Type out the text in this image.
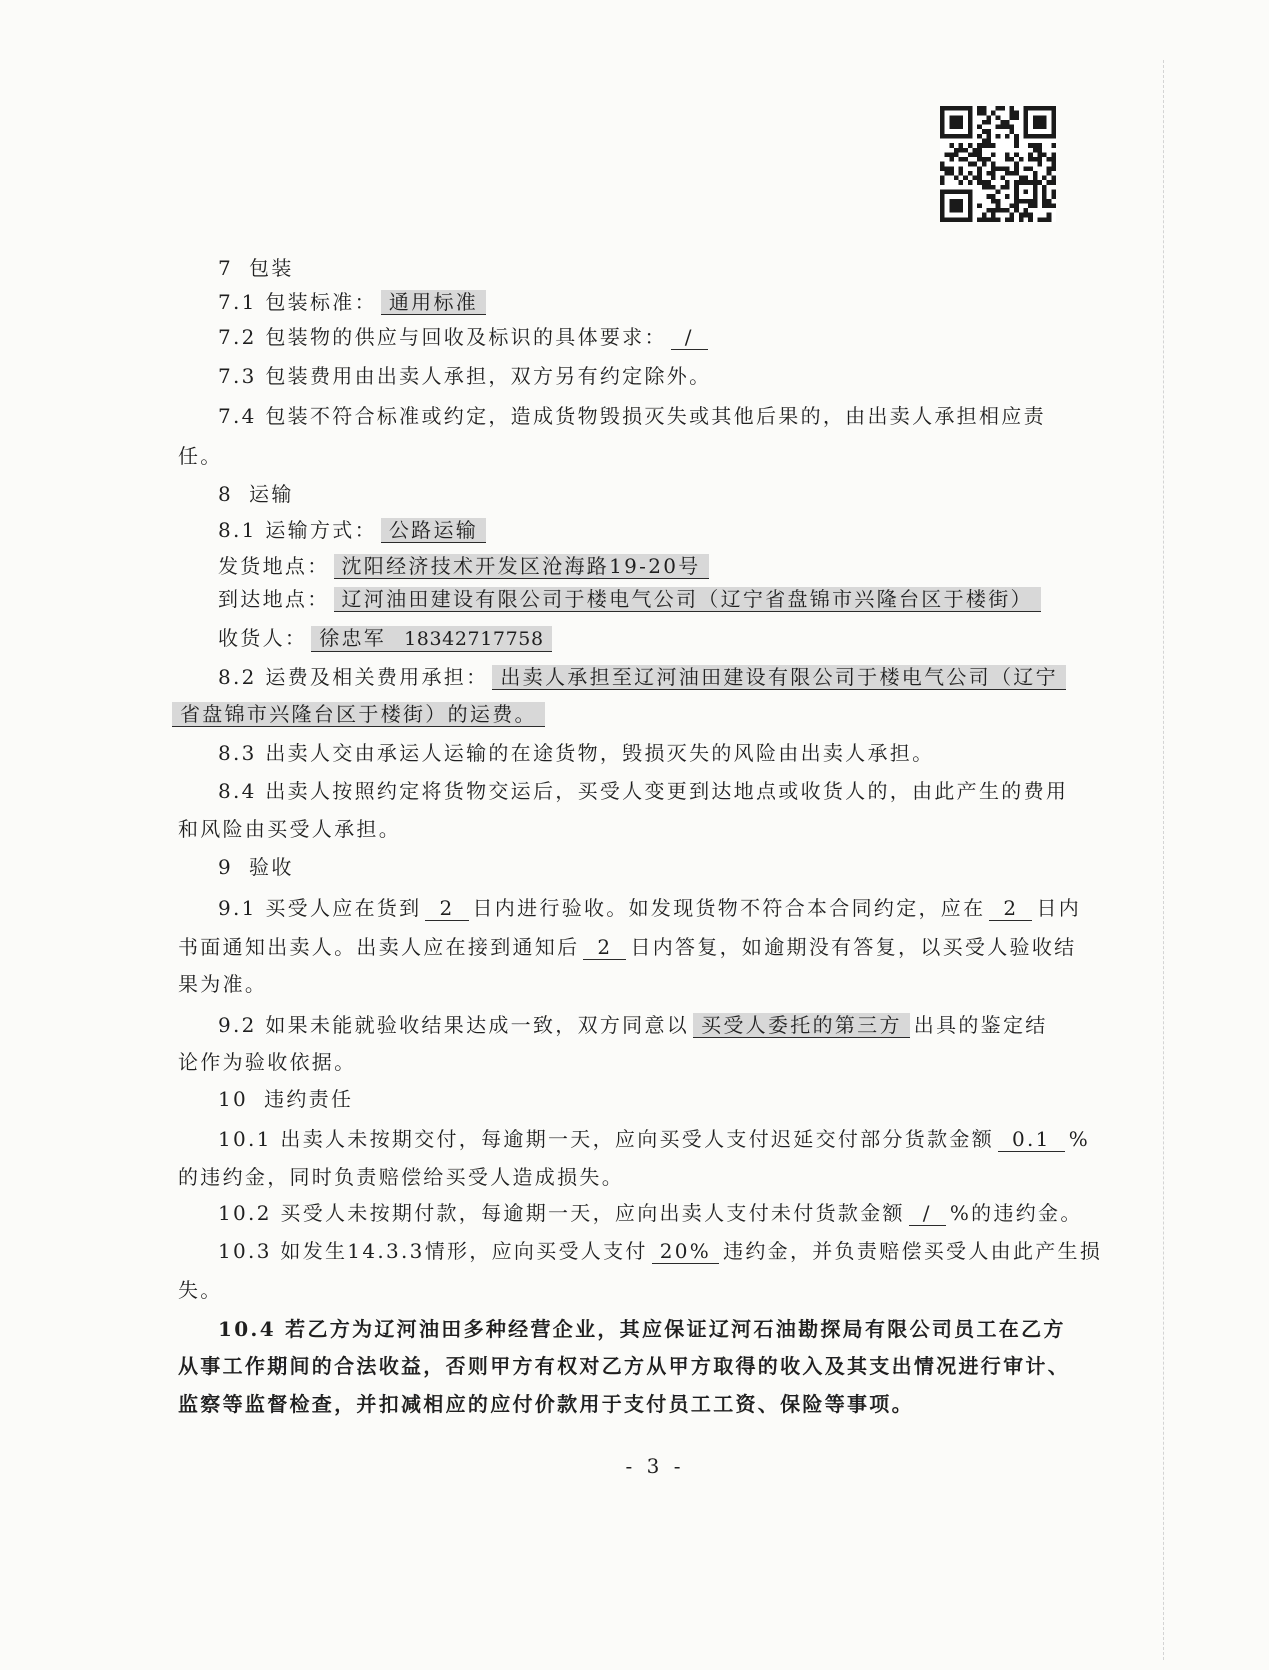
7 包装
7.1 包装标准： 通用标准
7.2 包装物的供应与回收及标识的具体要求： /
7.3 包装费用由出卖人承担，双方另有约定除外。
7.4 包装不符合标准或约定，造成货物毁损灭失或其他后果的，由出卖人承担相应责
任。
8 运输
8.1 运输方式： 公路运输
发货地点： 沈阳经济技术开发区沧海路19-20号
到达地点： 辽河油田建设有限公司于楼电气公司（辽宁省盘锦市兴隆台区于楼街）
收货人： 徐忠军 18342717758
8.2 运费及相关费用承担： 出卖人承担至辽河油田建设有限公司于楼电气公司（辽宁
省盘锦市兴隆台区于楼街）的运费。
8.3 出卖人交由承运人运输的在途货物，毁损灭失的风险由出卖人承担。
8.4 出卖人按照约定将货物交运后，买受人变更到达地点或收货人的，由此产生的费用
和风险由买受人承担。
9 验收
9.1 买受人应在货到 2 日内进行验收。如发现货物不符合本合同约定，应在 2 日内
书面通知出卖人。出卖人应在接到通知后 2 日内答复，如逾期没有答复，以买受人验收结
果为准。
9.2 如果未能就验收结果达成一致，双方同意以 买受人委托的第三方 出具的鉴定结
论作为验收依据。
10 违约责任
10.1 出卖人未按期交付，每逾期一天，应向买受人支付迟延交付部分货款金额 0.1 %
的违约金，同时负责赔偿给买受人造成损失。
10.2 买受人未按期付款，每逾期一天，应向出卖人支付未付货款金额 / %的违约金。
10.3 如发生14.3.3情形，应向买受人支付 20% 违约金，并负责赔偿买受人由此产生损
失。
10.4 若乙方为辽河油田多种经营企业，其应保证辽河石油勘探局有限公司员工在乙方
从事工作期间的合法收益，否则甲方有权对乙方从甲方取得的收入及其支出情况进行审计、
监察等监督检查，并扣减相应的应付价款用于支付员工工资、保险等事项。
- 3 -
